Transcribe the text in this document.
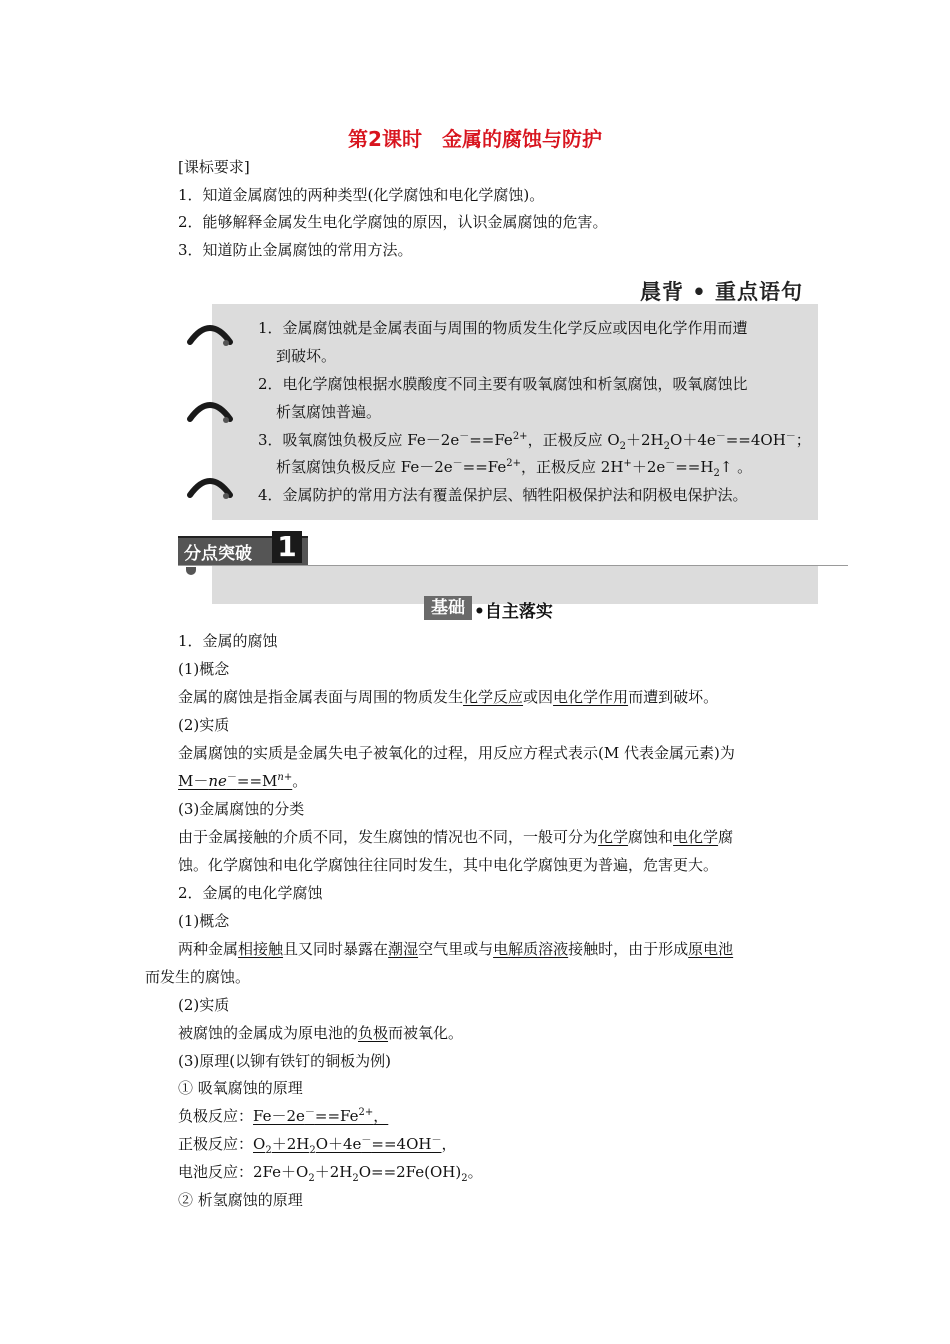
第2课时　金属的腐蚀与防护
[课标要求]
1．知道金属腐蚀的两种类型(化学腐蚀和电化学腐蚀)。
2．能够解释金属发生电化学腐蚀的原因，认识金属腐蚀的危害。
3．知道防止金属腐蚀的常用方法。
晨背 • 重点语句
1．金属腐蚀就是金属表面与周围的物质发生化学反应或因电化学作用而遭
到破坏。
2．电化学腐蚀根据水膜酸度不同主要有吸氧腐蚀和析氢腐蚀，吸氧腐蚀比
析氢腐蚀普遍。
3．吸氧腐蚀负极反应 $Fe-2e^-==Fe^{2+}$，正极反应 $O_2+2H_2O+4e^-==4OH^-$；
析氢腐蚀负极反应 $Fe-2e^-==Fe^{2+}$，正极反应 $2H^++2e^-==H_2↑$ 。
4．金属防护的常用方法有覆盖保护层、牺牲阳极保护法和阴极电保护法。
分点突破 1
基础 •自主落实
1．金属的腐蚀
(1)概念
金属的腐蚀是指金属表面与周围的物质发生化学反应或因电化学作用而遭到破坏。
(2)实质
金属腐蚀的实质是金属失电子被氧化的过程，用反应方程式表示(M 代表金属元素)为
$M-ne^-==M^{n+}$。
(3)金属腐蚀的分类
由于金属接触的介质不同，发生腐蚀的情况也不同，一般可分为化学腐蚀和电化学腐
蚀。化学腐蚀和电化学腐蚀往往同时发生，其中电化学腐蚀更为普遍，危害更大。
2．金属的电化学腐蚀
(1)概念
两种金属相接触且又同时暴露在潮湿空气里或与电解质溶液接触时，由于形成原电池
而发生的腐蚀。
(2)实质
被腐蚀的金属成为原电池的负极而被氧化。
(3)原理(以铆有铁钉的铜板为例)
① 吸氧腐蚀的原理
负极反应：$Fe-2e^-==Fe^{2+}$，
正极反应：$O_2+2H_2O+4e^-==4OH^-$，
电池反应：$2Fe+O_2+2H_2O==2Fe(OH)_2$。
② 析氢腐蚀的原理
